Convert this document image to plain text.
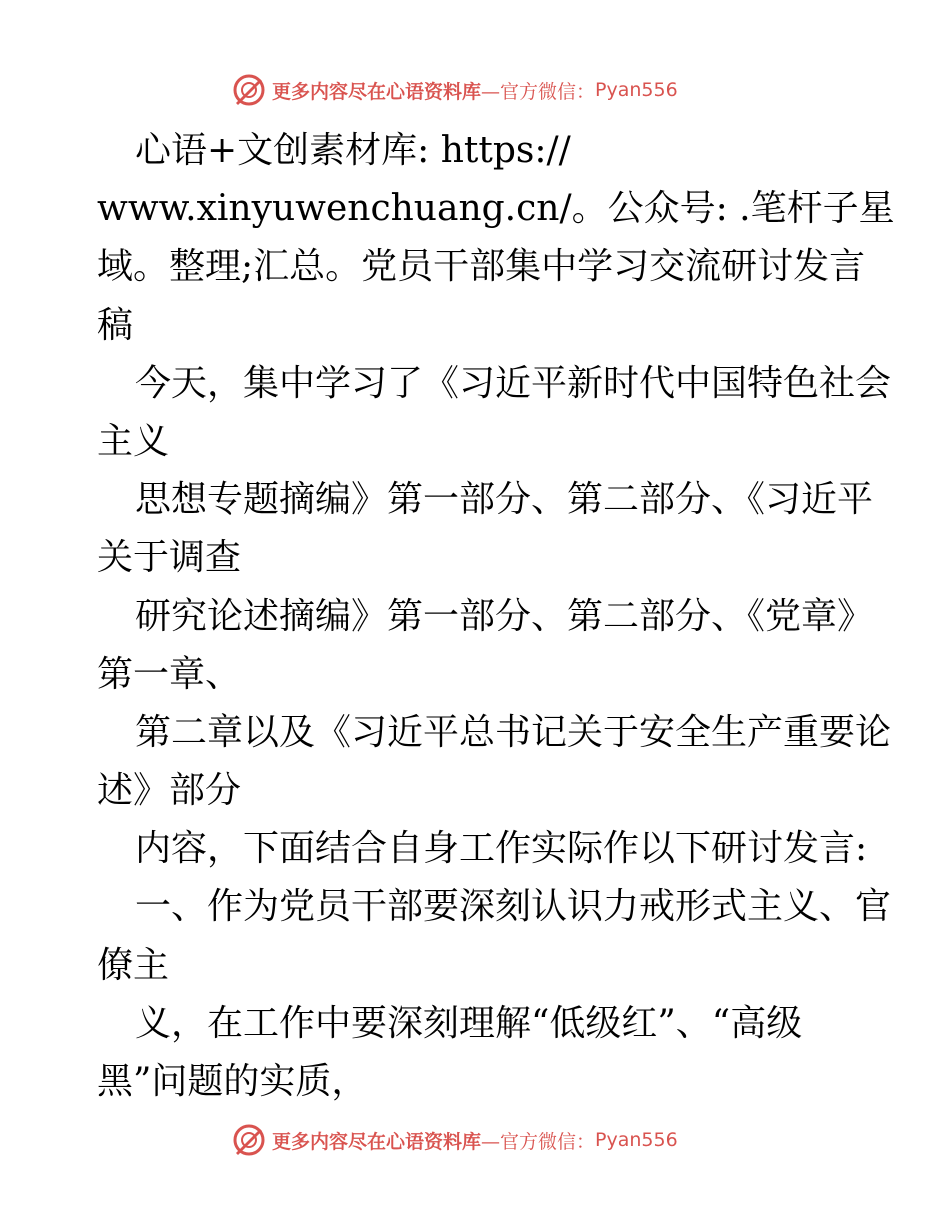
更多内容尽在心语资料库 —官方微信： Pyan556
心语+文创素材库: https://
www.xinyuwenchuang.cn/。公众号: .笔杆子星
域。整理;汇总。党员干部集中学习交流研讨发言
稿
今天，集中学习了《习近平新时代中国特色社会
主义
思想专题摘编》第一部分、第二部分、《习近平
关于调查
研究论述摘编》第一部分、第二部分、《党章》
第一章、
第二章以及《习近平总书记关于安全生产重要论
述》部分
内容，下面结合自身工作实际作以下研讨发言:
一、作为党员干部要深刻认识力戒形式主义、官
僚主
义，在工作中要深刻理解“低级红”、“高级
黑”问题的实质，
更多内容尽在心语资料库 —官方微信： Pyan556
